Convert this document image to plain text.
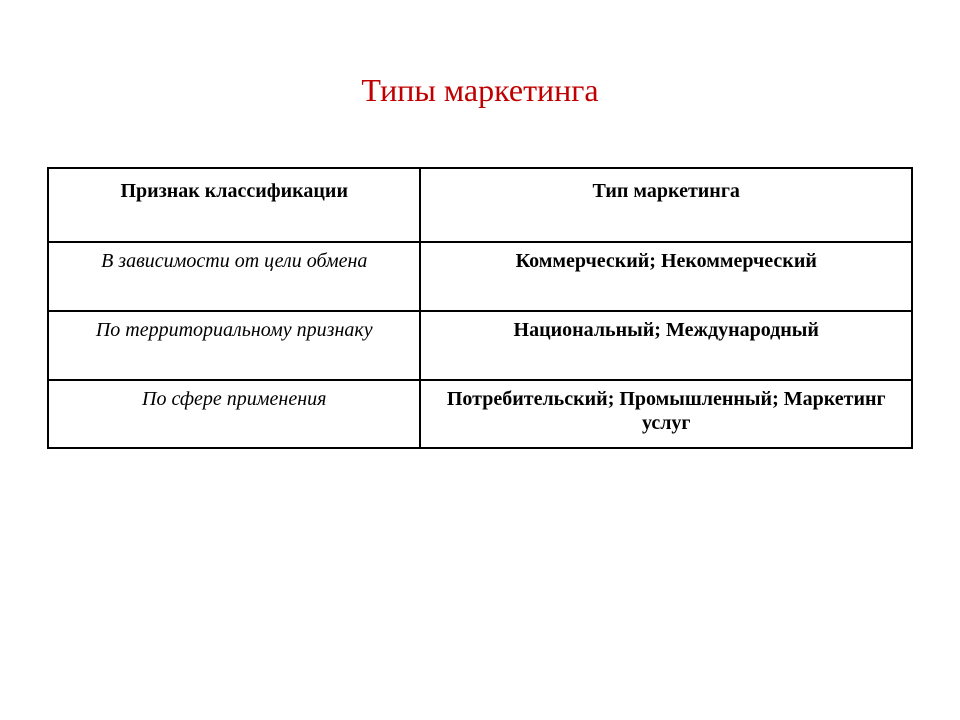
Типы маркетинга
Признак классификации	Тип маркетинга
В зависимости от цели обмена	Коммерческий; Некоммерческий
По территориальному признаку	Национальный; Международный
По сфере применения	Потребительский; Промышленный; Маркетинг услуг
